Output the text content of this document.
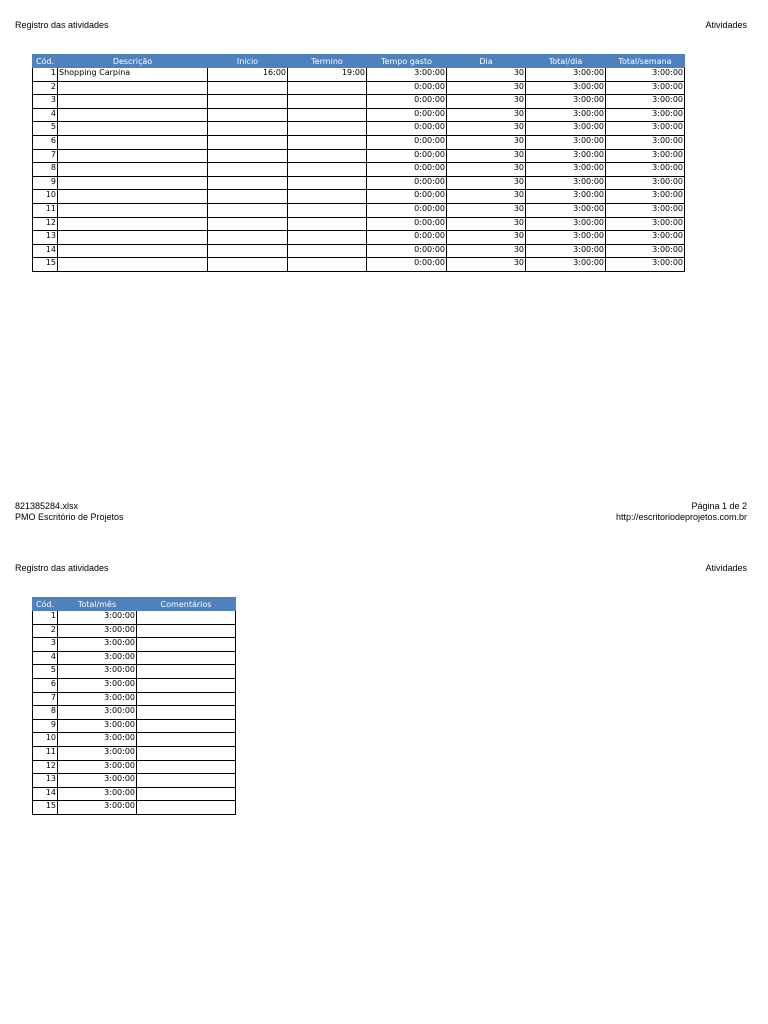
Registro das atividades	Atividades
Cód.	Descrição	Inicio	Termino	Tempo gasto	Dia	Total/dia	Total/semana
1	Shopping Carpina	16:00	19:00	3:00:00	30	3:00:00	3:00:00
2				0:00:00	30	3:00:00	3:00:00
3				0:00:00	30	3:00:00	3:00:00
4				0:00:00	30	3:00:00	3:00:00
5				0:00:00	30	3:00:00	3:00:00
6				0:00:00	30	3:00:00	3:00:00
7				0:00:00	30	3:00:00	3:00:00
8				0:00:00	30	3:00:00	3:00:00
9				0:00:00	30	3:00:00	3:00:00
10				0:00:00	30	3:00:00	3:00:00
11				0:00:00	30	3:00:00	3:00:00
12				0:00:00	30	3:00:00	3:00:00
13				0:00:00	30	3:00:00	3:00:00
14				0:00:00	30	3:00:00	3:00:00
15				0:00:00	30	3:00:00	3:00:00
821385284.xlsx
PMO Escritório de Projetos
Página 1 de 2
http://escritoriodeprojetos.com.br
Registro das atividades	Atividades
Cód.	Total/mês	Comentários
1	3:00:00	
2	3:00:00	
3	3:00:00	
4	3:00:00	
5	3:00:00	
6	3:00:00	
7	3:00:00	
8	3:00:00	
9	3:00:00	
10	3:00:00	
11	3:00:00	
12	3:00:00	
13	3:00:00	
14	3:00:00	
15	3:00:00	
